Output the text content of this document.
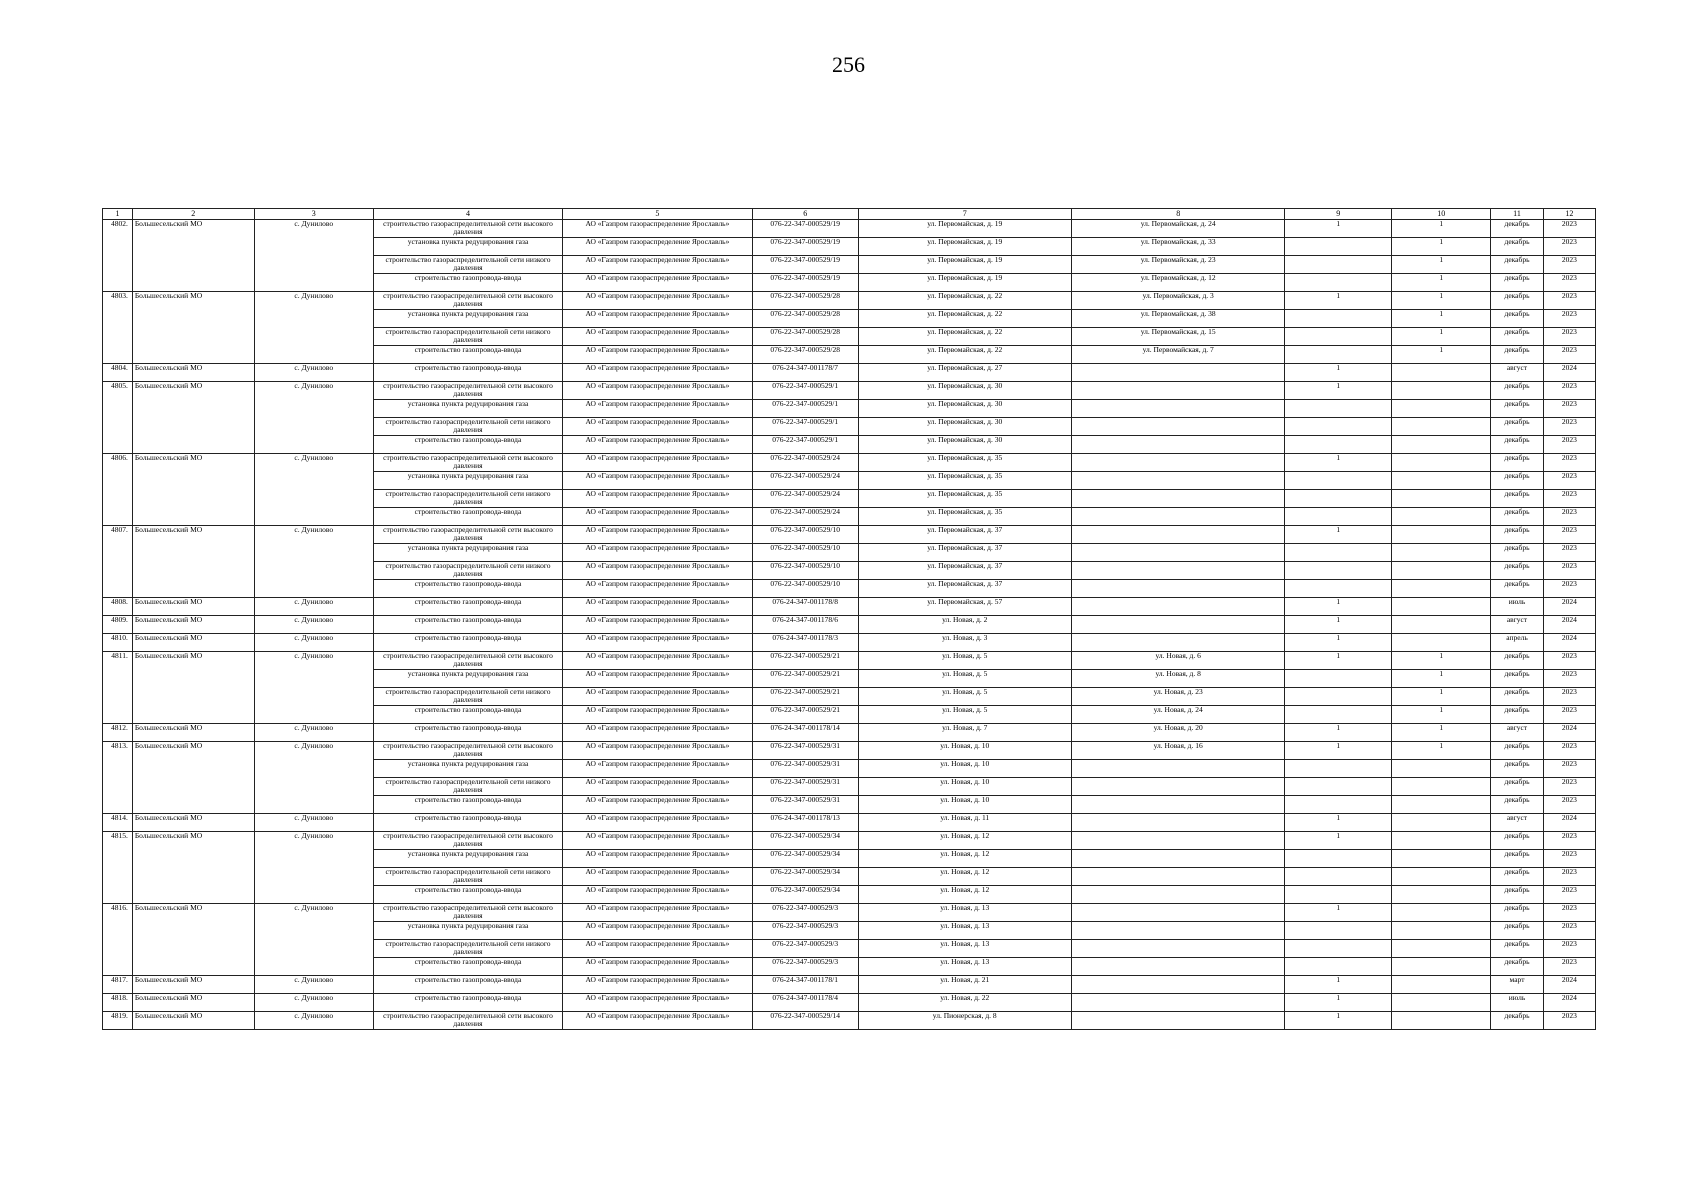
256
1	2	3	4	5	6	7	8	9	10	11	12
4802.	Большесельский МО	с. Дунилово	строительство газораспределительной сети высокого давления	АО «Газпром газораспределение Ярославль»	076-22-347-000529/19	ул. Первомайская, д. 19	ул. Первомайская, д. 24	1	1	декабрь	2023
			установка пункта редуцирования газа	АО «Газпром газораспределение Ярославль»	076-22-347-000529/19	ул. Первомайская, д. 19	ул. Первомайская, д. 33		1	декабрь	2023
			строительство газораспределительной сети низкого давления	АО «Газпром газораспределение Ярославль»	076-22-347-000529/19	ул. Первомайская, д. 19	ул. Первомайская, д. 23		1	декабрь	2023
			строительство газопровода-ввода	АО «Газпром газораспределение Ярославль»	076-22-347-000529/19	ул. Первомайская, д. 19	ул. Первомайская, д. 12		1	декабрь	2023
4803.	Большесельский МО	с. Дунилово	строительство газораспределительной сети высокого давления	АО «Газпром газораспределение Ярославль»	076-22-347-000529/28	ул. Первомайская, д. 22	ул. Первомайская, д. 3	1	1	декабрь	2023
			установка пункта редуцирования газа	АО «Газпром газораспределение Ярославль»	076-22-347-000529/28	ул. Первомайская, д. 22	ул. Первомайская, д. 38		1	декабрь	2023
			строительство газораспределительной сети низкого давления	АО «Газпром газораспределение Ярославль»	076-22-347-000529/28	ул. Первомайская, д. 22	ул. Первомайская, д. 15		1	декабрь	2023
			строительство газопровода-ввода	АО «Газпром газораспределение Ярославль»	076-22-347-000529/28	ул. Первомайская, д. 22	ул. Первомайская, д. 7		1	декабрь	2023
4804.	Большесельский МО	с. Дунилово	строительство газопровода-ввода	АО «Газпром газораспределение Ярославль»	076-24-347-001178/7	ул. Первомайская, д. 27		1		август	2024
4805.	Большесельский МО	с. Дунилово	строительство газораспределительной сети высокого давления	АО «Газпром газораспределение Ярославль»	076-22-347-000529/1	ул. Первомайская, д. 30		1		декабрь	2023
			установка пункта редуцирования газа	АО «Газпром газораспределение Ярославль»	076-22-347-000529/1	ул. Первомайская, д. 30				декабрь	2023
			строительство газораспределительной сети низкого давления	АО «Газпром газораспределение Ярославль»	076-22-347-000529/1	ул. Первомайская, д. 30				декабрь	2023
			строительство газопровода-ввода	АО «Газпром газораспределение Ярославль»	076-22-347-000529/1	ул. Первомайская, д. 30				декабрь	2023
4806.	Большесельский МО	с. Дунилово	строительство газораспределительной сети высокого давления	АО «Газпром газораспределение Ярославль»	076-22-347-000529/24	ул. Первомайская, д. 35		1		декабрь	2023
			установка пункта редуцирования газа	АО «Газпром газораспределение Ярославль»	076-22-347-000529/24	ул. Первомайская, д. 35				декабрь	2023
			строительство газораспределительной сети низкого давления	АО «Газпром газораспределение Ярославль»	076-22-347-000529/24	ул. Первомайская, д. 35				декабрь	2023
			строительство газопровода-ввода	АО «Газпром газораспределение Ярославль»	076-22-347-000529/24	ул. Первомайская, д. 35				декабрь	2023
4807.	Большесельский МО	с. Дунилово	строительство газораспределительной сети высокого давления	АО «Газпром газораспределение Ярославль»	076-22-347-000529/10	ул. Первомайская, д. 37		1		декабрь	2023
			установка пункта редуцирования газа	АО «Газпром газораспределение Ярославль»	076-22-347-000529/10	ул. Первомайская, д. 37				декабрь	2023
			строительство газораспределительной сети низкого давления	АО «Газпром газораспределение Ярославль»	076-22-347-000529/10	ул. Первомайская, д. 37				декабрь	2023
			строительство газопровода-ввода	АО «Газпром газораспределение Ярославль»	076-22-347-000529/10	ул. Первомайская, д. 37				декабрь	2023
4808.	Большесельский МО	с. Дунилово	строительство газопровода-ввода	АО «Газпром газораспределение Ярославль»	076-24-347-001178/8	ул. Первомайская, д. 57		1		июль	2024
4809.	Большесельский МО	с. Дунилово	строительство газопровода-ввода	АО «Газпром газораспределение Ярославль»	076-24-347-001178/6	ул. Новая, д. 2		1		август	2024
4810.	Большесельский МО	с. Дунилово	строительство газопровода-ввода	АО «Газпром газораспределение Ярославль»	076-24-347-001178/3	ул. Новая, д. 3		1		апрель	2024
4811.	Большесельский МО	с. Дунилово	строительство газораспределительной сети высокого давления	АО «Газпром газораспределение Ярославль»	076-22-347-000529/21	ул. Новая, д. 5	ул. Новая, д. 6	1	1	декабрь	2023
			установка пункта редуцирования газа	АО «Газпром газораспределение Ярославль»	076-22-347-000529/21	ул. Новая, д. 5	ул. Новая, д. 8		1	декабрь	2023
			строительство газораспределительной сети низкого давления	АО «Газпром газораспределение Ярославль»	076-22-347-000529/21	ул. Новая, д. 5	ул. Новая, д. 23		1	декабрь	2023
			строительство газопровода-ввода	АО «Газпром газораспределение Ярославль»	076-22-347-000529/21	ул. Новая, д. 5	ул. Новая, д. 24		1	декабрь	2023
4812.	Большесельский МО	с. Дунилово	строительство газопровода-ввода	АО «Газпром газораспределение Ярославль»	076-24-347-001178/14	ул. Новая, д. 7	ул. Новая, д. 20	1	1	август	2024
4813.	Большесельский МО	с. Дунилово	строительство газораспределительной сети высокого давления	АО «Газпром газораспределение Ярославль»	076-22-347-000529/31	ул. Новая, д. 10	ул. Новая, д. 16	1	1	декабрь	2023
			установка пункта редуцирования газа	АО «Газпром газораспределение Ярославль»	076-22-347-000529/31	ул. Новая, д. 10				декабрь	2023
			строительство газораспределительной сети низкого давления	АО «Газпром газораспределение Ярославль»	076-22-347-000529/31	ул. Новая, д. 10				декабрь	2023
			строительство газопровода-ввода	АО «Газпром газораспределение Ярославль»	076-22-347-000529/31	ул. Новая, д. 10				декабрь	2023
4814.	Большесельский МО	с. Дунилово	строительство газопровода-ввода	АО «Газпром газораспределение Ярославль»	076-24-347-001178/13	ул. Новая, д. 11		1		август	2024
4815.	Большесельский МО	с. Дунилово	строительство газораспределительной сети высокого давления	АО «Газпром газораспределение Ярославль»	076-22-347-000529/34	ул. Новая, д. 12		1		декабрь	2023
			установка пункта редуцирования газа	АО «Газпром газораспределение Ярославль»	076-22-347-000529/34	ул. Новая, д. 12				декабрь	2023
			строительство газораспределительной сети низкого давления	АО «Газпром газораспределение Ярославль»	076-22-347-000529/34	ул. Новая, д. 12				декабрь	2023
			строительство газопровода-ввода	АО «Газпром газораспределение Ярославль»	076-22-347-000529/34	ул. Новая, д. 12				декабрь	2023
4816.	Большесельский МО	с. Дунилово	строительство газораспределительной сети высокого давления	АО «Газпром газораспределение Ярославль»	076-22-347-000529/3	ул. Новая, д. 13		1		декабрь	2023
			установка пункта редуцирования газа	АО «Газпром газораспределение Ярославль»	076-22-347-000529/3	ул. Новая, д. 13				декабрь	2023
			строительство газораспределительной сети низкого давления	АО «Газпром газораспределение Ярославль»	076-22-347-000529/3	ул. Новая, д. 13				декабрь	2023
			строительство газопровода-ввода	АО «Газпром газораспределение Ярославль»	076-22-347-000529/3	ул. Новая, д. 13				декабрь	2023
4817.	Большесельский МО	с. Дунилово	строительство газопровода-ввода	АО «Газпром газораспределение Ярославль»	076-24-347-001178/1	ул. Новая, д. 21		1		март	2024
4818.	Большесельский МО	с. Дунилово	строительство газопровода-ввода	АО «Газпром газораспределение Ярославль»	076-24-347-001178/4	ул. Новая, д. 22		1		июль	2024
4819.	Большесельский МО	с. Дунилово	строительство газораспределительной сети высокого давления	АО «Газпром газораспределение Ярославль»	076-22-347-000529/14	ул. Пионерская, д. 8		1		декабрь	2023
